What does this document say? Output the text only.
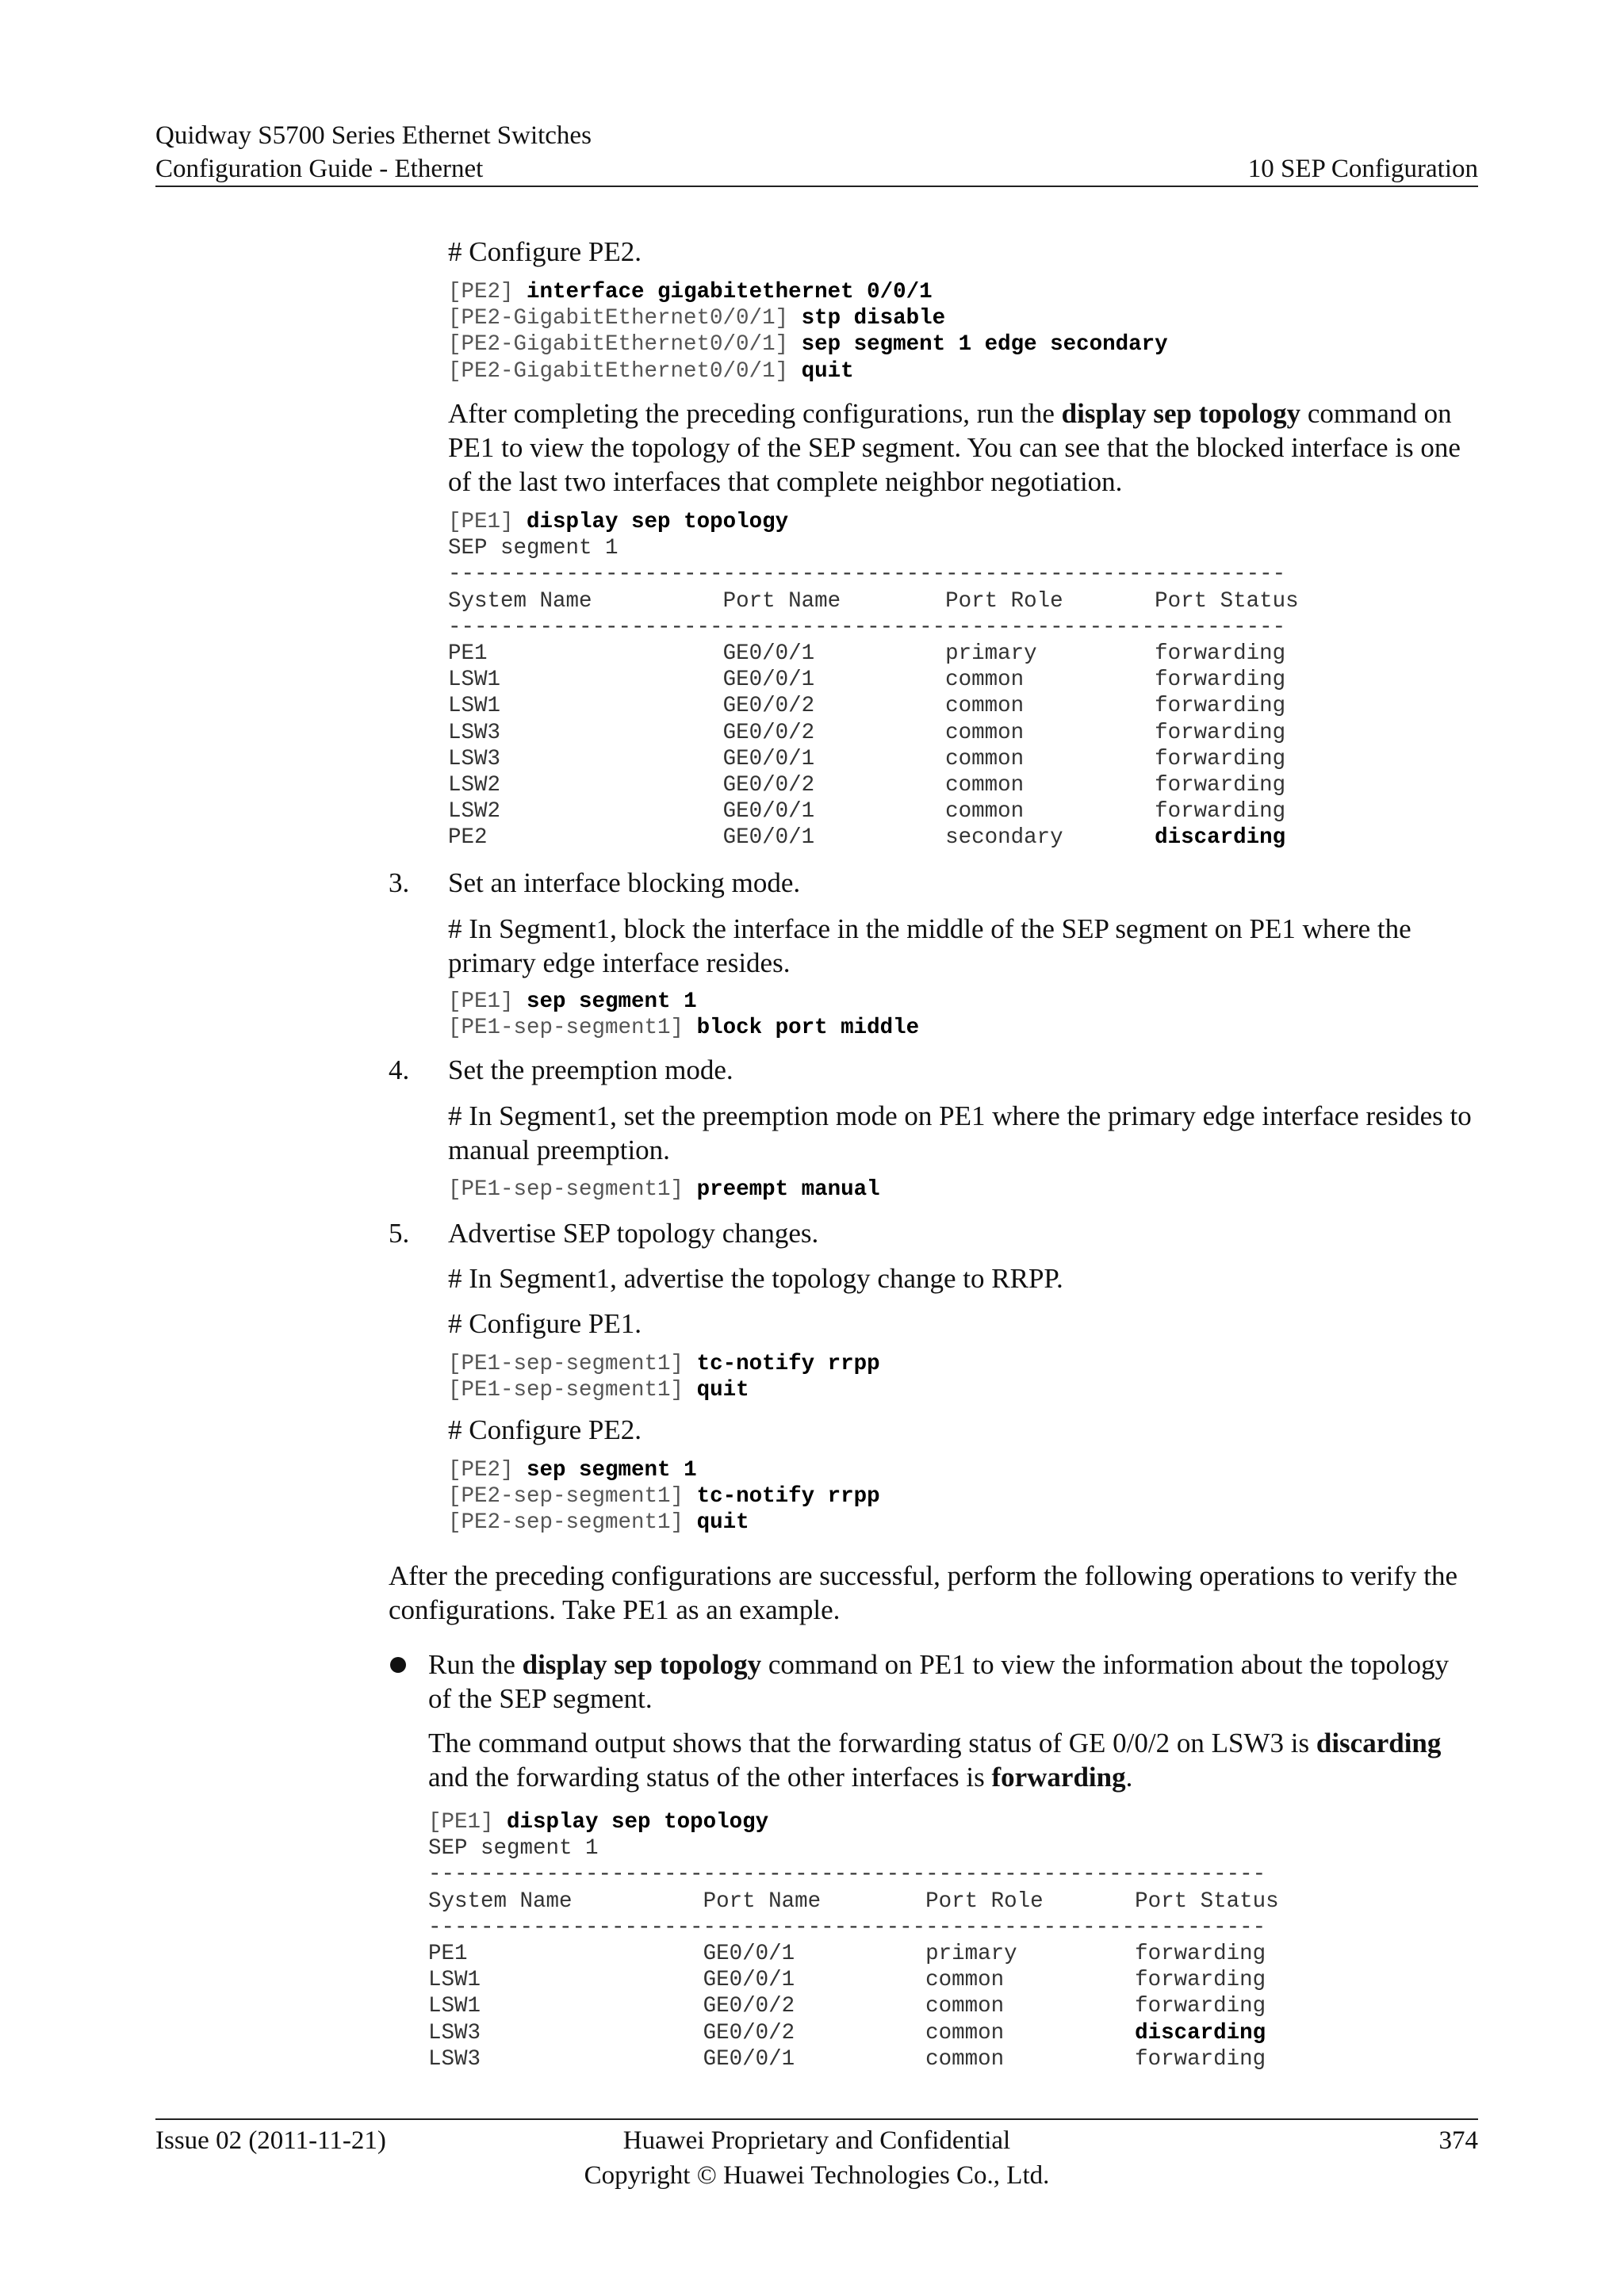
Quidway S5700 Series Ethernet Switches
Configuration Guide - Ethernet	10 SEP Configuration

# Configure PE2.

[PE2] interface gigabitethernet 0/0/1
[PE2-GigabitEthernet0/0/1] stp disable
[PE2-GigabitEthernet0/0/1] sep segment 1 edge secondary
[PE2-GigabitEthernet0/0/1] quit

After completing the preceding configurations, run the display sep topology command on PE1 to view the topology of the SEP segment. You can see that the blocked interface is one of the last two interfaces that complete neighbor negotiation.

[PE1] display sep topology
SEP segment 1
----------------------------------------------------------------
System Name          Port Name        Port Role       Port Status
----------------------------------------------------------------
PE1                  GE0/0/1          primary         forwarding
LSW1                 GE0/0/1          common          forwarding
LSW1                 GE0/0/2          common          forwarding
LSW3                 GE0/0/2          common          forwarding
LSW3                 GE0/0/1          common          forwarding
LSW2                 GE0/0/2          common          forwarding
LSW2                 GE0/0/1          common          forwarding
PE2                  GE0/0/1          secondary       discarding
3. Set an interface blocking mode.

# In Segment1, block the interface in the middle of the SEP segment on PE1 where the primary edge interface resides.

[PE1] sep segment 1
[PE1-sep-segment1] block port middle
4. Set the preemption mode.

# In Segment1, set the preemption mode on PE1 where the primary edge interface resides to manual preemption.

[PE1-sep-segment1] preempt manual
5. Advertise SEP topology changes.

# In Segment1, advertise the topology change to RRPP.

# Configure PE1.

[PE1-sep-segment1] tc-notify rrpp
[PE1-sep-segment1] quit

# Configure PE2.

[PE2] sep segment 1
[PE2-sep-segment1] tc-notify rrpp
[PE2-sep-segment1] quit

After the preceding configurations are successful, perform the following operations to verify the configurations. Take PE1 as an example.

Run the display sep topology command on PE1 to view the information about the topology of the SEP segment.

The command output shows that the forwarding status of GE 0/0/2 on LSW3 is discarding and the forwarding status of the other interfaces is forwarding.

[PE1] display sep topology
SEP segment 1
----------------------------------------------------------------
System Name          Port Name        Port Role       Port Status
----------------------------------------------------------------
PE1                  GE0/0/1          primary         forwarding
LSW1                 GE0/0/1          common          forwarding
LSW1                 GE0/0/2          common          forwarding
LSW3                 GE0/0/2          common          discarding
LSW3                 GE0/0/1          common          forwarding
Issue 02 (2011-11-21)	Huawei Proprietary and Confidential
Copyright © Huawei Technologies Co., Ltd.
374
